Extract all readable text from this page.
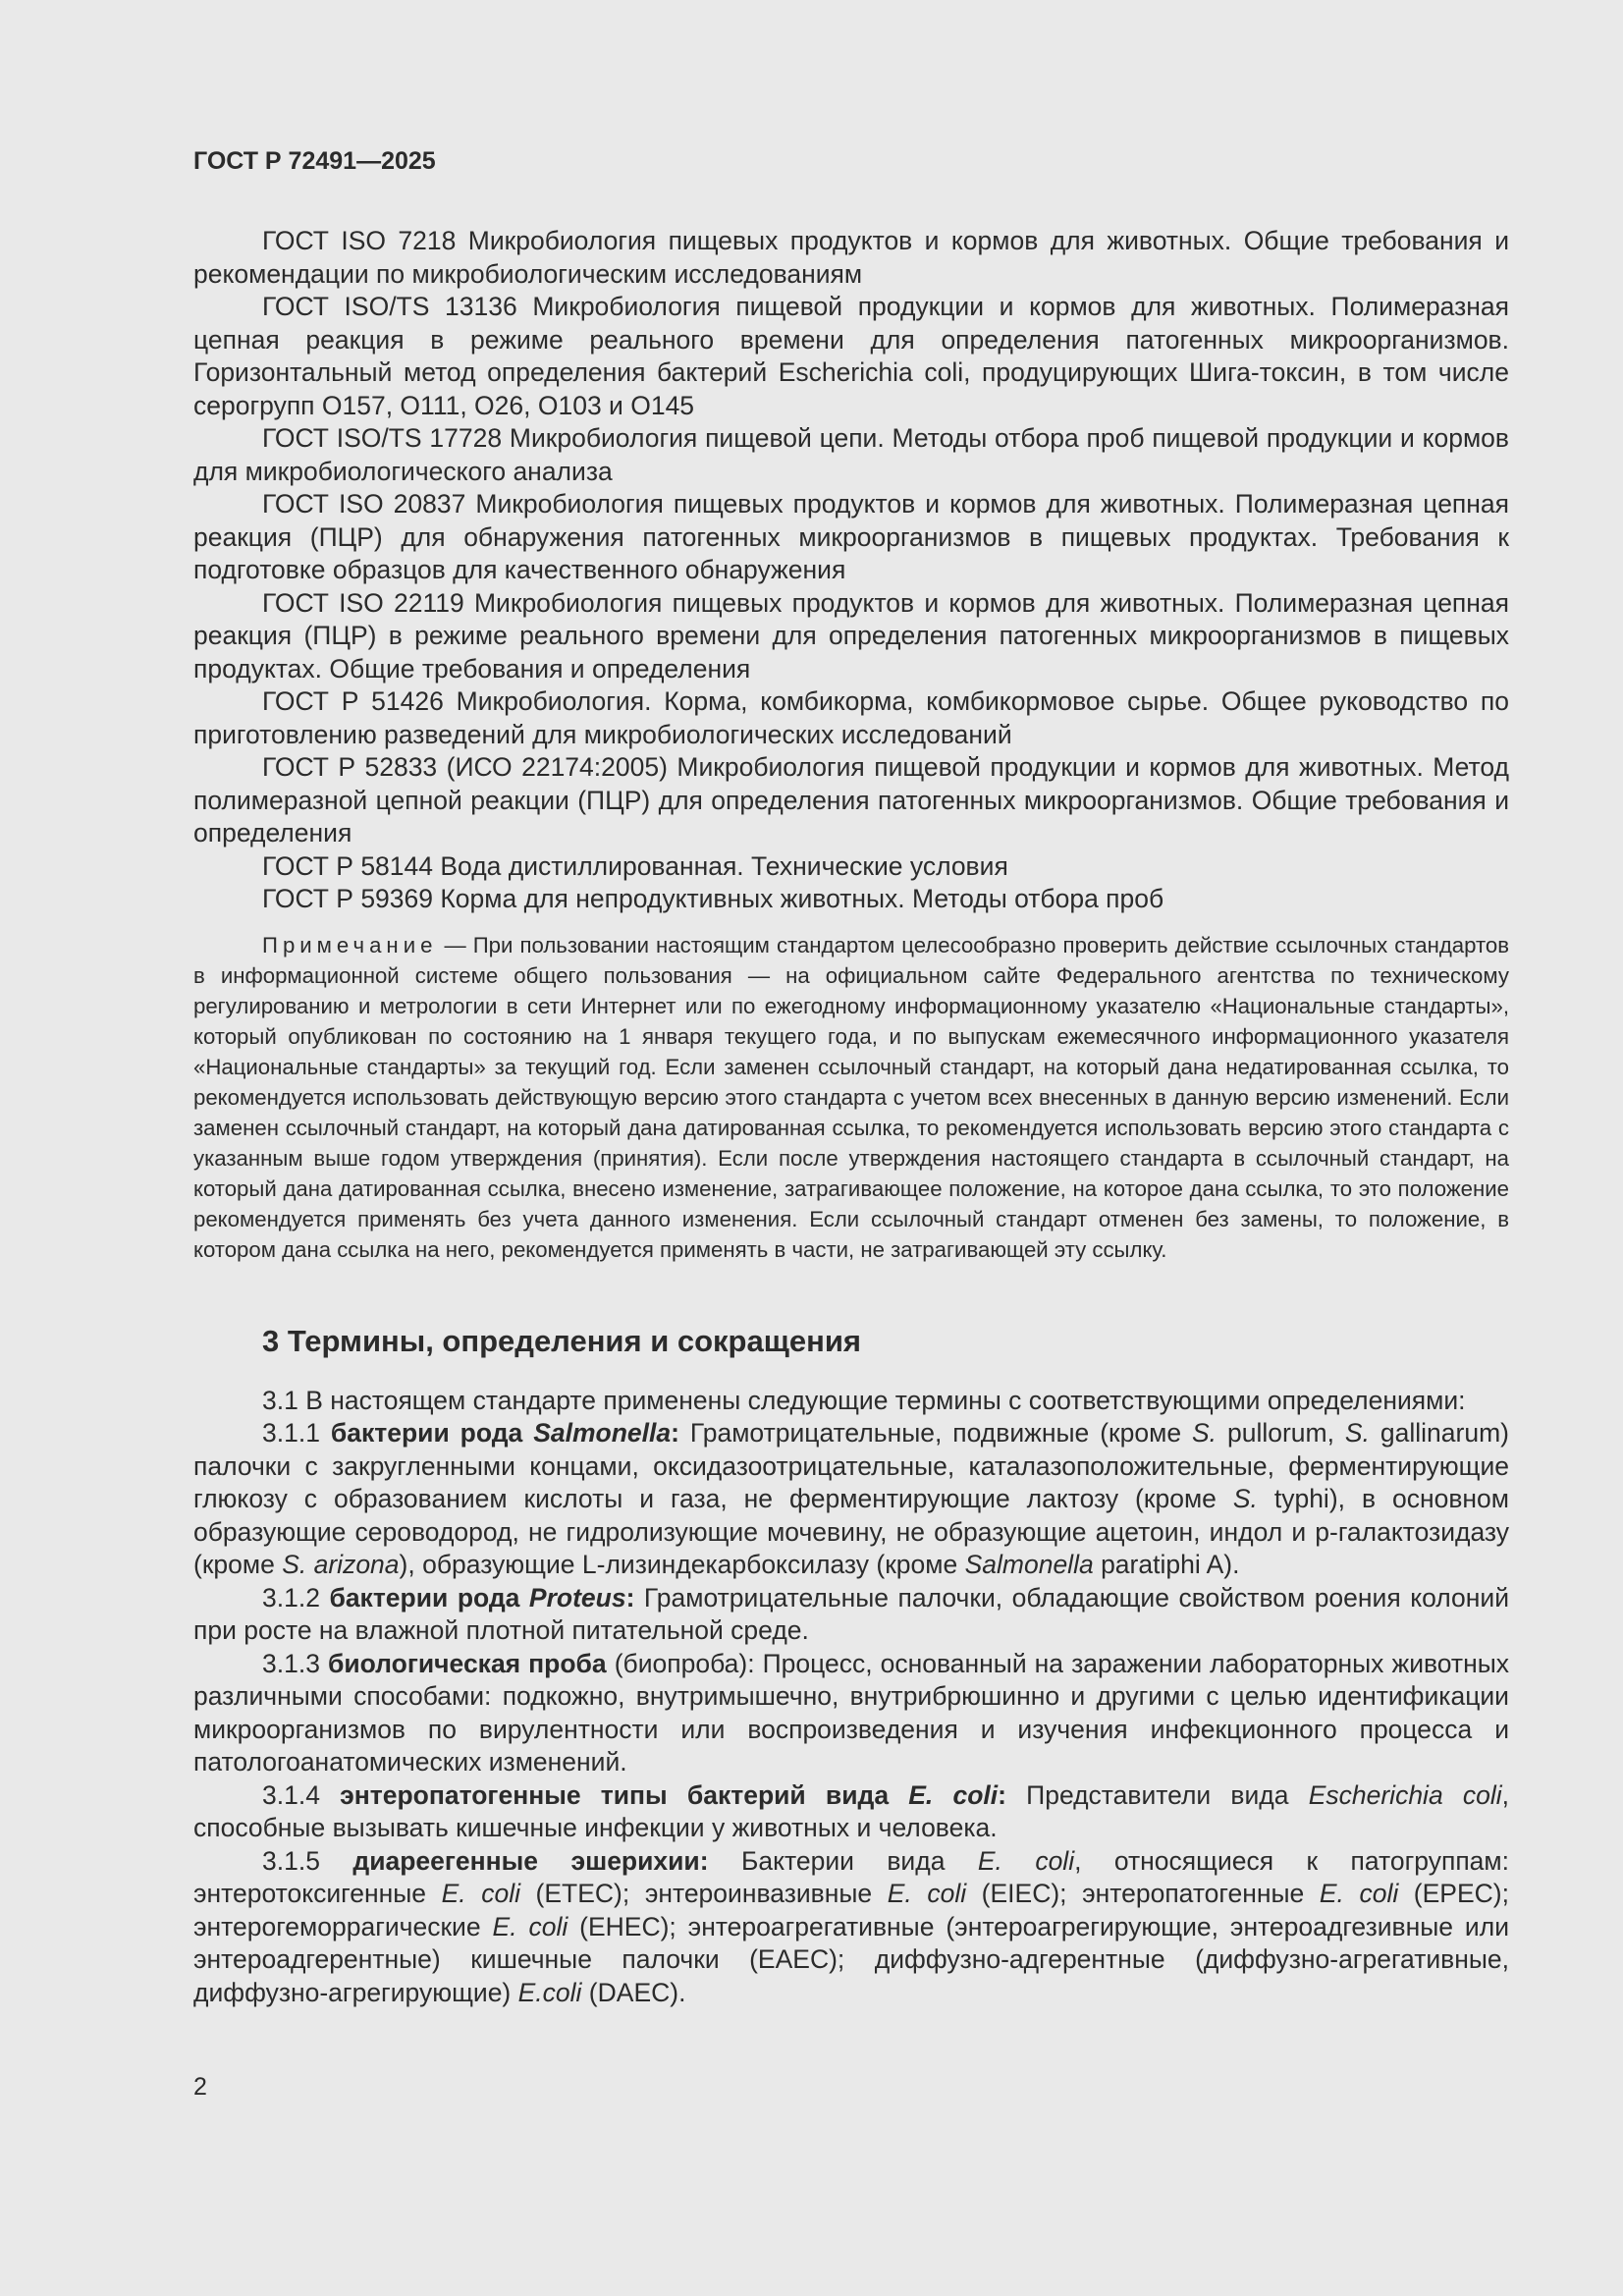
ГОСТ Р 72491—2025

ГОСТ ISO 7218 Микробиология пищевых продуктов и кормов для животных. Общие требования и рекомендации по микробиологическим исследованиям

ГОСТ ISO/TS 13136 Микробиология пищевой продукции и кормов для животных. Полимеразная цепная реакция в режиме реального времени для определения патогенных микроорганизмов. Горизонтальный метод определения бактерий Escherichia coli, продуцирующих Шига-токсин, в том числе серогрупп О157, О111, О26, О103 и О145

ГОСТ ISO/TS 17728 Микробиология пищевой цепи. Методы отбора проб пищевой продукции и кормов для микробиологического анализа

ГОСТ ISO 20837 Микробиология пищевых продуктов и кормов для животных. Полимеразная цепная реакция (ПЦР) для обнаружения патогенных микроорганизмов в пищевых продуктах. Требования к подготовке образцов для качественного обнаружения

ГОСТ ISO 22119 Микробиология пищевых продуктов и кормов для животных. Полимеразная цепная реакция (ПЦР) в режиме реального времени для определения патогенных микроорганизмов в пищевых продуктах. Общие требования и определения

ГОСТ Р 51426 Микробиология. Корма, комбикорма, комбикормовое сырье. Общее руководство по приготовлению разведений для микробиологических исследований

ГОСТ Р 52833 (ИСО 22174:2005) Микробиология пищевой продукции и кормов для животных. Метод полимеразной цепной реакции (ПЦР) для определения патогенных микроорганизмов. Общие требования и определения

ГОСТ Р 58144 Вода дистиллированная. Технические условия

ГОСТ Р 59369 Корма для непродуктивных животных. Методы отбора проб

Примечание — При пользовании настоящим стандартом целесообразно проверить действие ссылочных стандартов в информационной системе общего пользования — на официальном сайте Федерального агентства по техническому регулированию и метрологии в сети Интернет или по ежегодному информационному указателю «Национальные стандарты», который опубликован по состоянию на 1 января текущего года, и по выпускам ежемесячного информационного указателя «Национальные стандарты» за текущий год. Если заменен ссылочный стандарт, на который дана недатированная ссылка, то рекомендуется использовать действующую версию этого стандарта с учетом всех внесенных в данную версию изменений. Если заменен ссылочный стандарт, на который дана датированная ссылка, то рекомендуется использовать версию этого стандарта с указанным выше годом утверждения (принятия). Если после утверждения настоящего стандарта в ссылочный стандарт, на который дана датированная ссылка, внесено изменение, затрагивающее положение, на которое дана ссылка, то это положение рекомендуется применять без учета данного изменения. Если ссылочный стандарт отменен без замены, то положение, в котором дана ссылка на него, рекомендуется применять в части, не затрагивающей эту ссылку.

3 Термины, определения и сокращения

3.1 В настоящем стандарте применены следующие термины с соответствующими определениями:

3.1.1 бактерии рода Salmonella: Грамотрицательные, подвижные (кроме S. pullorum, S. gallinarum) палочки с закругленными концами, оксидазоотрицательные, каталазоположительные, ферментирующие глюкозу с образованием кислоты и газа, не ферментирующие лактозу (кроме S. typhi), в основном образующие сероводород, не гидролизующие мочевину, не образующие ацетоин, индол и р-галактозидазу (кроме S. arizona), образующие L-лизиндекарбоксилазу (кроме Salmonella paratiphi A).

3.1.2 бактерии рода Proteus: Грамотрицательные палочки, обладающие свойством роения колоний при росте на влажной плотной питательной среде.

3.1.3 биологическая проба (биопроба): Процесс, основанный на заражении лабораторных животных различными способами: подкожно, внутримышечно, внутрибрюшинно и другими с целью идентификации микроорганизмов по вирулентности или воспроизведения и изучения инфекционного процесса и патологоанатомических изменений.

3.1.4 энтеропатогенные типы бактерий вида E. coli: Представители вида Escherichia coli, способные вызывать кишечные инфекции у животных и человека.

3.1.5 диареегенные эшерихии: Бактерии вида E. coli, относящиеся к патогруппам: энтеротоксигенные E. coli (ETEC); энтероинвазивные E. coli (EIEC); энтеропатогенные E. coli (EPEC); энтерогеморрагические E. coli (EHEC); энтероагрегативные (энтероагрегирующие, энтероадгезивные или энтероадгерентные) кишечные палочки (EAEC); диффузно-адгерентные (диффузно-агрегативные, диффузно-агрегирующие) E.coli (DAEC).

2
